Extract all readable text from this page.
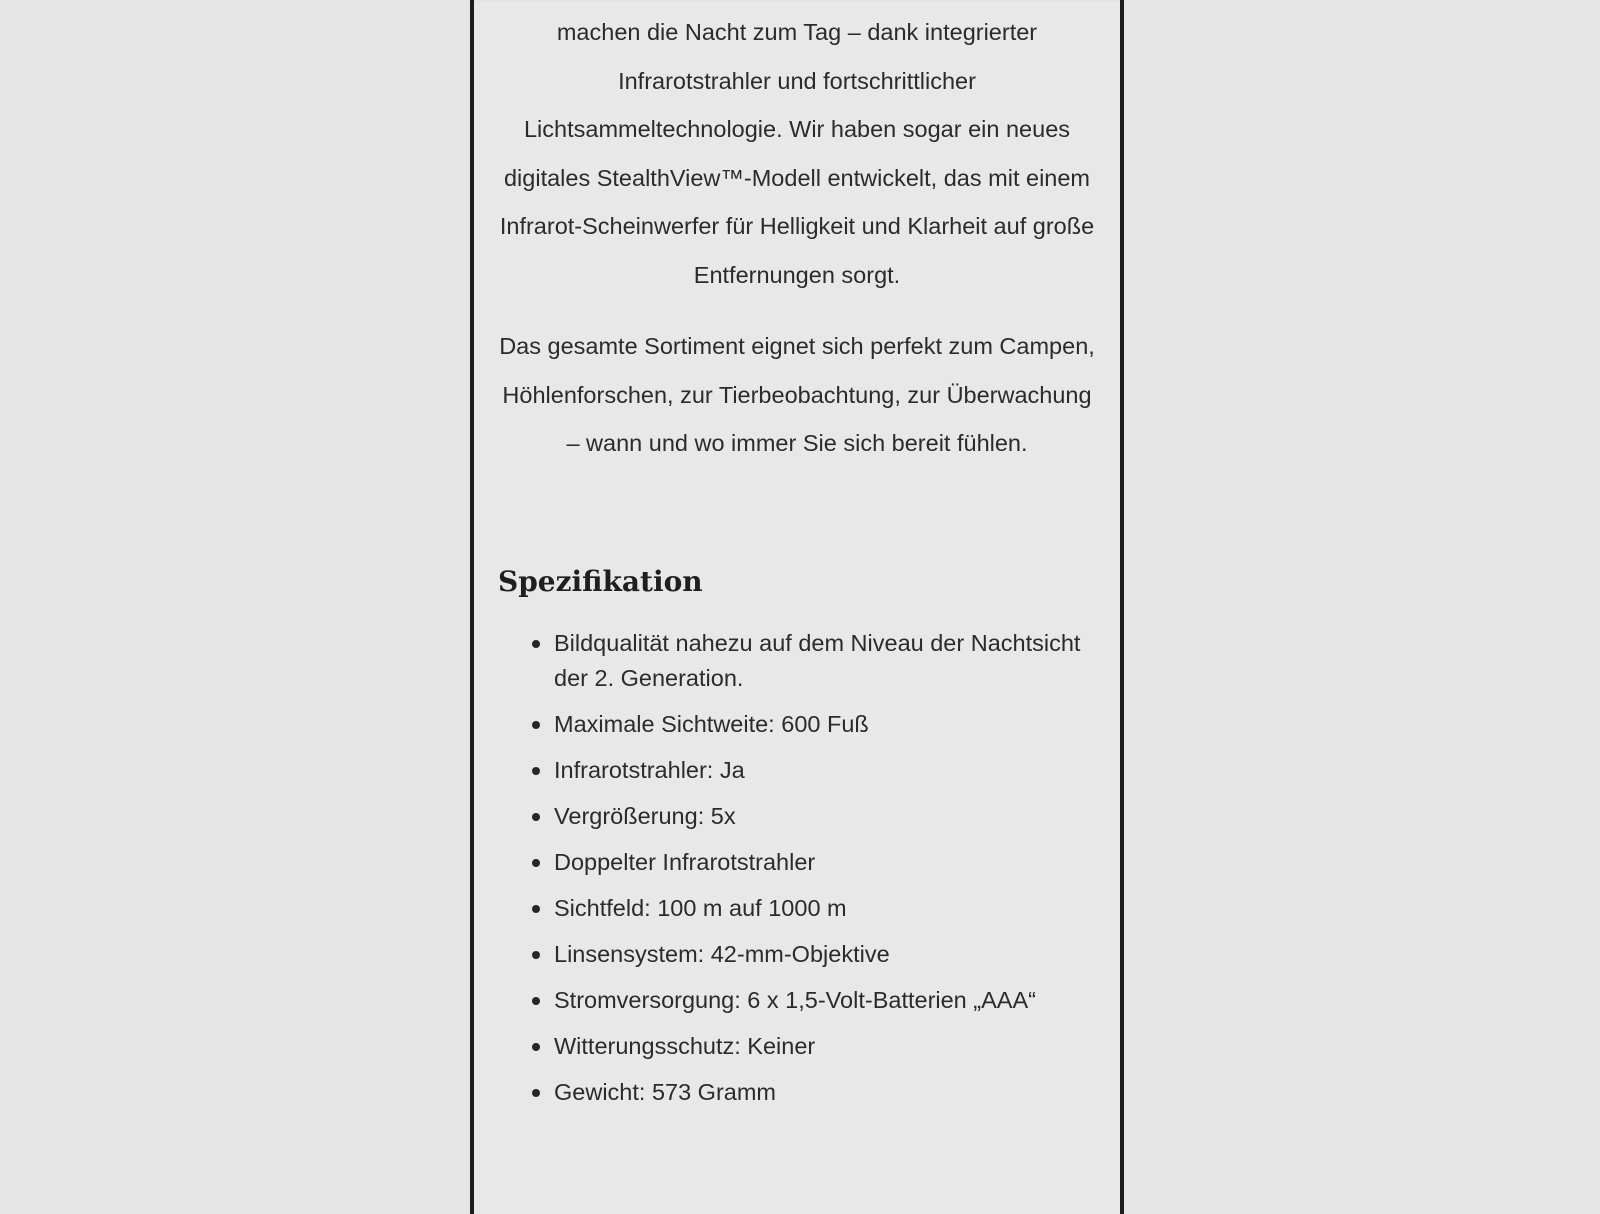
machen die Nacht zum Tag – dank integrierter Infrarotstrahler und fortschrittlicher Lichtsammeltechnologie. Wir haben sogar ein neues digitales StealthView™-Modell entwickelt, das mit einem Infrarot-Scheinwerfer für Helligkeit und Klarheit auf große Entfernungen sorgt.

Das gesamte Sortiment eignet sich perfekt zum Campen, Höhlenforschen, zur Tierbeobachtung, zur Überwachung – wann und wo immer Sie sich bereit fühlen.

Spezifikation
Bildqualität nahezu auf dem Niveau der Nachtsicht der 2. Generation.
Maximale Sichtweite: 600 Fuß
Infrarotstrahler: Ja
Vergrößerung: 5x
Doppelter Infrarotstrahler
Sichtfeld: 100 m auf 1000 m
Linsensystem: 42-mm-Objektive
Stromversorgung: 6 x 1,5-Volt-Batterien „AAA“
Witterungsschutz: Keiner
Gewicht: 573 Gramm
